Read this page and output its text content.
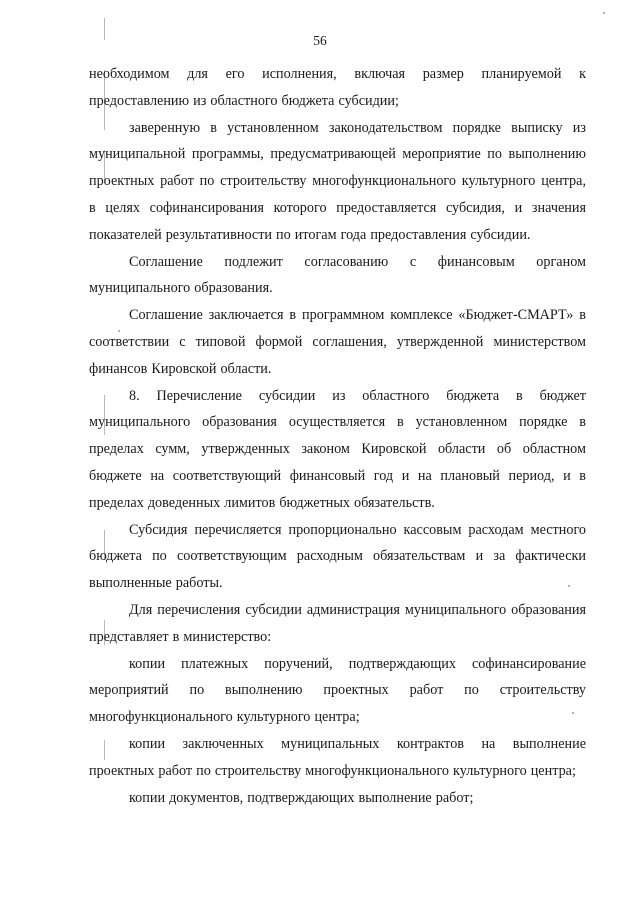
56

необходимом для его исполнения, включая размер планируемой к предоставлению из областного бюджета субсидии;

заверенную в установленном законодательством порядке выписку из муниципальной программы, предусматривающей мероприятие по выполнению проектных работ по строительству многофункционального культурного центра, в целях софинансирования которого предоставляется субсидия, и значения показателей результативности по итогам года предоставления субсидии.

Соглашение подлежит согласованию с финансовым органом муниципального образования.

Соглашение заключается в программном комплексе «Бюджет-СМАРТ» в соответствии с типовой формой соглашения, утвержденной министерством финансов Кировской области.

8. Перечисление субсидии из областного бюджета в бюджет муниципального образования осуществляется в установленном порядке в пределах сумм, утвержденных законом Кировской области об областном бюджете на соответствующий финансовый год и на плановый период, и в пределах доведенных лимитов бюджетных обязательств.

Субсидия перечисляется пропорционально кассовым расходам местного бюджета по соответствующим расходным обязательствам и за фактически выполненные работы.

Для перечисления субсидии администрация муниципального образования представляет в министерство:

копии платежных поручений, подтверждающих софинансирование мероприятий по выполнению проектных работ по строительству многофункционального культурного центра;

копии заключенных муниципальных контрактов на выполнение проектных работ по строительству многофункционального культурного центра;

копии документов, подтверждающих выполнение работ;
